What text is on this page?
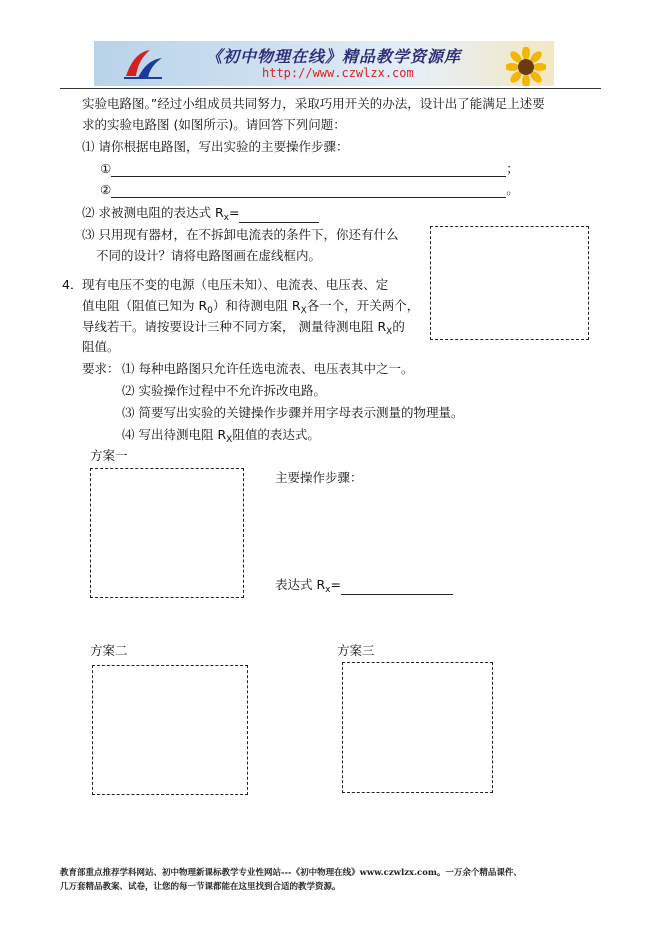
《初中物理在线》精品教学资源库
http://www.czwlzx.com
实验电路图。”经过小组成员共同努力，采取巧用开关的办法，设计出了能满足上述要
求的实验电路图 (如图所示)。请回答下列问题：
⑴ 请你根据电路图，写出实验的主要操作步骤：
①	；
②	。
⑵ 求被测电阻的表达式 $R_x=$
⑶ 只用现有器材，在不拆卸电流表的条件下，你还有什么
不同的设计？请将电路图画在虚线框内。
4． 现有电压不变的电源（电压未知）、电流表、电压表、定
值电阻（阻值已知为 $R_0$）和待测电阻 $R_X$各一个，开关两个，
导线若干。请按要设计三种不同方案， 测量待测电阻 $R_X$的
阻值。
要求： ⑴ 每种电路图只允许任选电流表、电压表其中之一。
⑵ 实验操作过程中不允许拆改电路。
⑶ 简要写出实验的关键操作步骤并用字母表示测量的物理量。
⑷ 写出待测电阻 $R_X$阻值的表达式。
方案一
主要操作步骤：
表达式 $R_x=$
方案二	方案三
教育部重点推荐学科网站、初中物理新课标教学专业性网站---《初中物理在线》www.czwlzx.com。一万余个精品课件、
几万套精品教案、试卷，让您的每一节课都能在这里找到合适的教学资源。
